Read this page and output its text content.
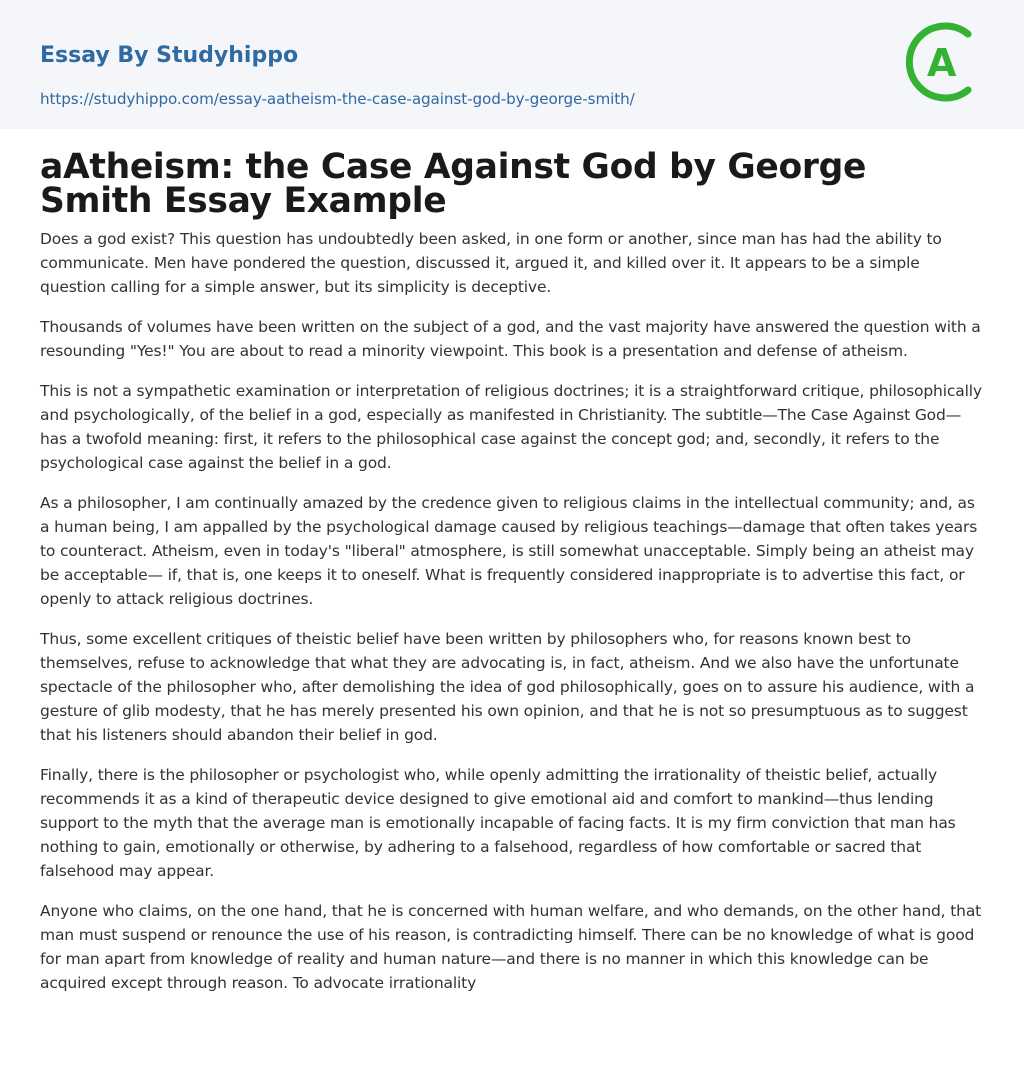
Essay By Studyhippo
https://studyhippo.com/essay-aatheism-the-case-against-god-by-george-smith/
A
aAtheism: the Case Against God by George Smith Essay Example

Does a god exist? This question has undoubtedly been asked, in one form or another, since man has had the ability to communicate. Men have pondered the question, discussed it, argued it, and killed over it. It appears to be a simple question calling for a simple answer, but its simplicity is deceptive.

Thousands of volumes have been written on the subject of a god, and the vast majority have answered the question with a resounding "Yes!" You are about to read a minority viewpoint. This book is a presentation and defense of atheism.

This is not a sympathetic examination or interpretation of religious doctrines; it is a straightforward critique, philosophically and psychologically, of the belief in a god, especially as manifested in Christianity. The subtitle—The Case Against God—has a twofold meaning: first, it refers to the philosophical case against the concept god; and, secondly, it refers to the psychological case against the belief in a god.

As a philosopher, I am continually amazed by the credence given to religious claims in the intellectual community; and, as a human being, I am appalled by the psychological damage caused by religious teachings—damage that often takes years to counteract. Atheism, even in today's "liberal" atmosphere, is still somewhat unacceptable. Simply being an atheist may be acceptable— if, that is, one keeps it to oneself. What is frequently considered inappropriate is to advertise this fact, or openly to attack religious doctrines.

Thus, some excellent critiques of theistic belief have been written by philosophers who, for reasons known best to themselves, refuse to acknowledge that what they are advocating is, in fact, atheism. And we also have the unfortunate spectacle of the philosopher who, after demolishing the idea of god philosophically, goes on to assure his audience, with a gesture of glib modesty, that he has merely presented his own opinion, and that he is not so presumptuous as to suggest that his listeners should abandon their belief in god.

Finally, there is the philosopher or psychologist who, while openly admitting the irrationality of theistic belief, actually recommends it as a kind of therapeutic device designed to give emotional aid and comfort to mankind—thus lending support to the myth that the average man is emotionally incapable of facing facts. It is my firm conviction that man has nothing to gain, emotionally or otherwise, by adhering to a falsehood, regardless of how comfortable or sacred that falsehood may appear.

Anyone who claims, on the one hand, that he is concerned with human welfare, and who demands, on the other hand, that man must suspend or renounce the use of his reason, is contradicting himself. There can be no knowledge of what is good for man apart from knowledge of reality and human nature—and there is no manner in which this knowledge can be acquired except through reason. To advocate irrationality
